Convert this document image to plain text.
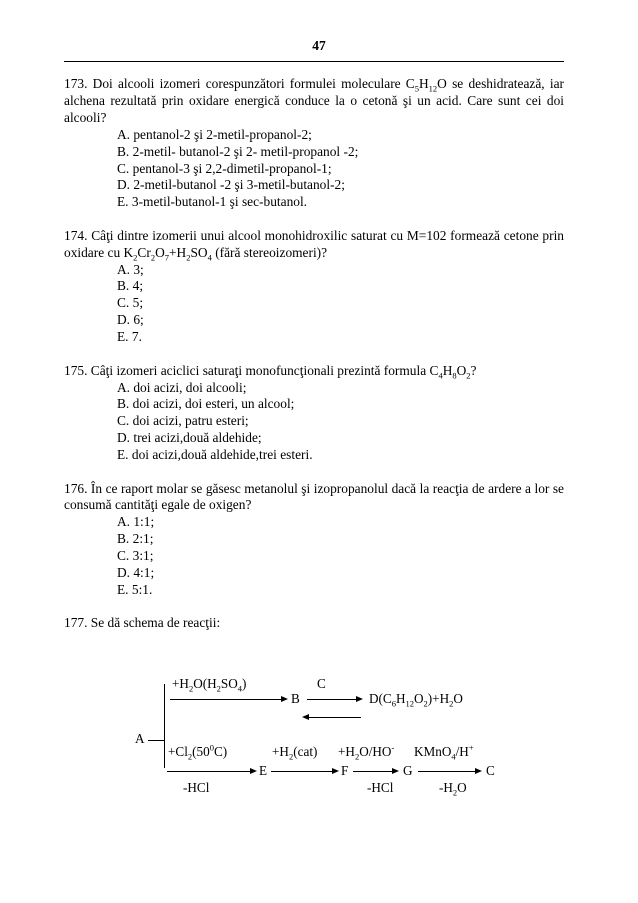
47
173. Doi alcooli izomeri corespunzători formulei moleculare $C_5H_{12}O$ se deshidratează, iar alchena rezultată prin oxidare energică conduce la o cetonă şi un acid. Care sunt cei doi alcooli?
A. pentanol-2 şi 2-metil-propanol-2;
B. 2-metil- butanol-2 şi 2- metil-propanol -2;
C. pentanol-3 şi 2,2-dimetil-propanol-1;
D. 2-metil-butanol -2 şi 3-metil-butanol-2;
E. 3-metil-butanol-1 şi sec-butanol.
174. Câţi dintre izomerii unui alcool monohidroxilic saturat cu M=102 formează cetone prin oxidare cu $K_2Cr_2O_7+H_2SO_4$ (fără stereoizomeri)?
A. 3;
B. 4;
C. 5;
D. 6;
E. 7.
175. Câţi izomeri aciclici saturaţi monofuncţionali prezintă formula $C_4H_8O_2$?
A. doi acizi, doi alcooli;
B. doi acizi, doi esteri, un alcool;
C. doi acizi, patru esteri;
D. trei acizi,două aldehide;
E. doi acizi,două aldehide,trei esteri.
176. În ce raport molar se găsesc metanolul şi izopropanolul dacă la reacţia de ardere a lor se consumă cantităţi egale de oxigen?
A. 1:1;
B. 2:1;
C. 3:1;
D. 4:1;
E. 5:1.
177. Se dă schema de reacţii:
$+H_2O(H_2SO_4)$	C
B	$D(C_6H_{12}O_2)+H_2O$
A
$+Cl_2(50^0C)$	$+H_2(cat) +H_2O/HO^-$ KMnO$_4$/H+
E	F	G	C
-HCl	-HCl	$-H_2O$
